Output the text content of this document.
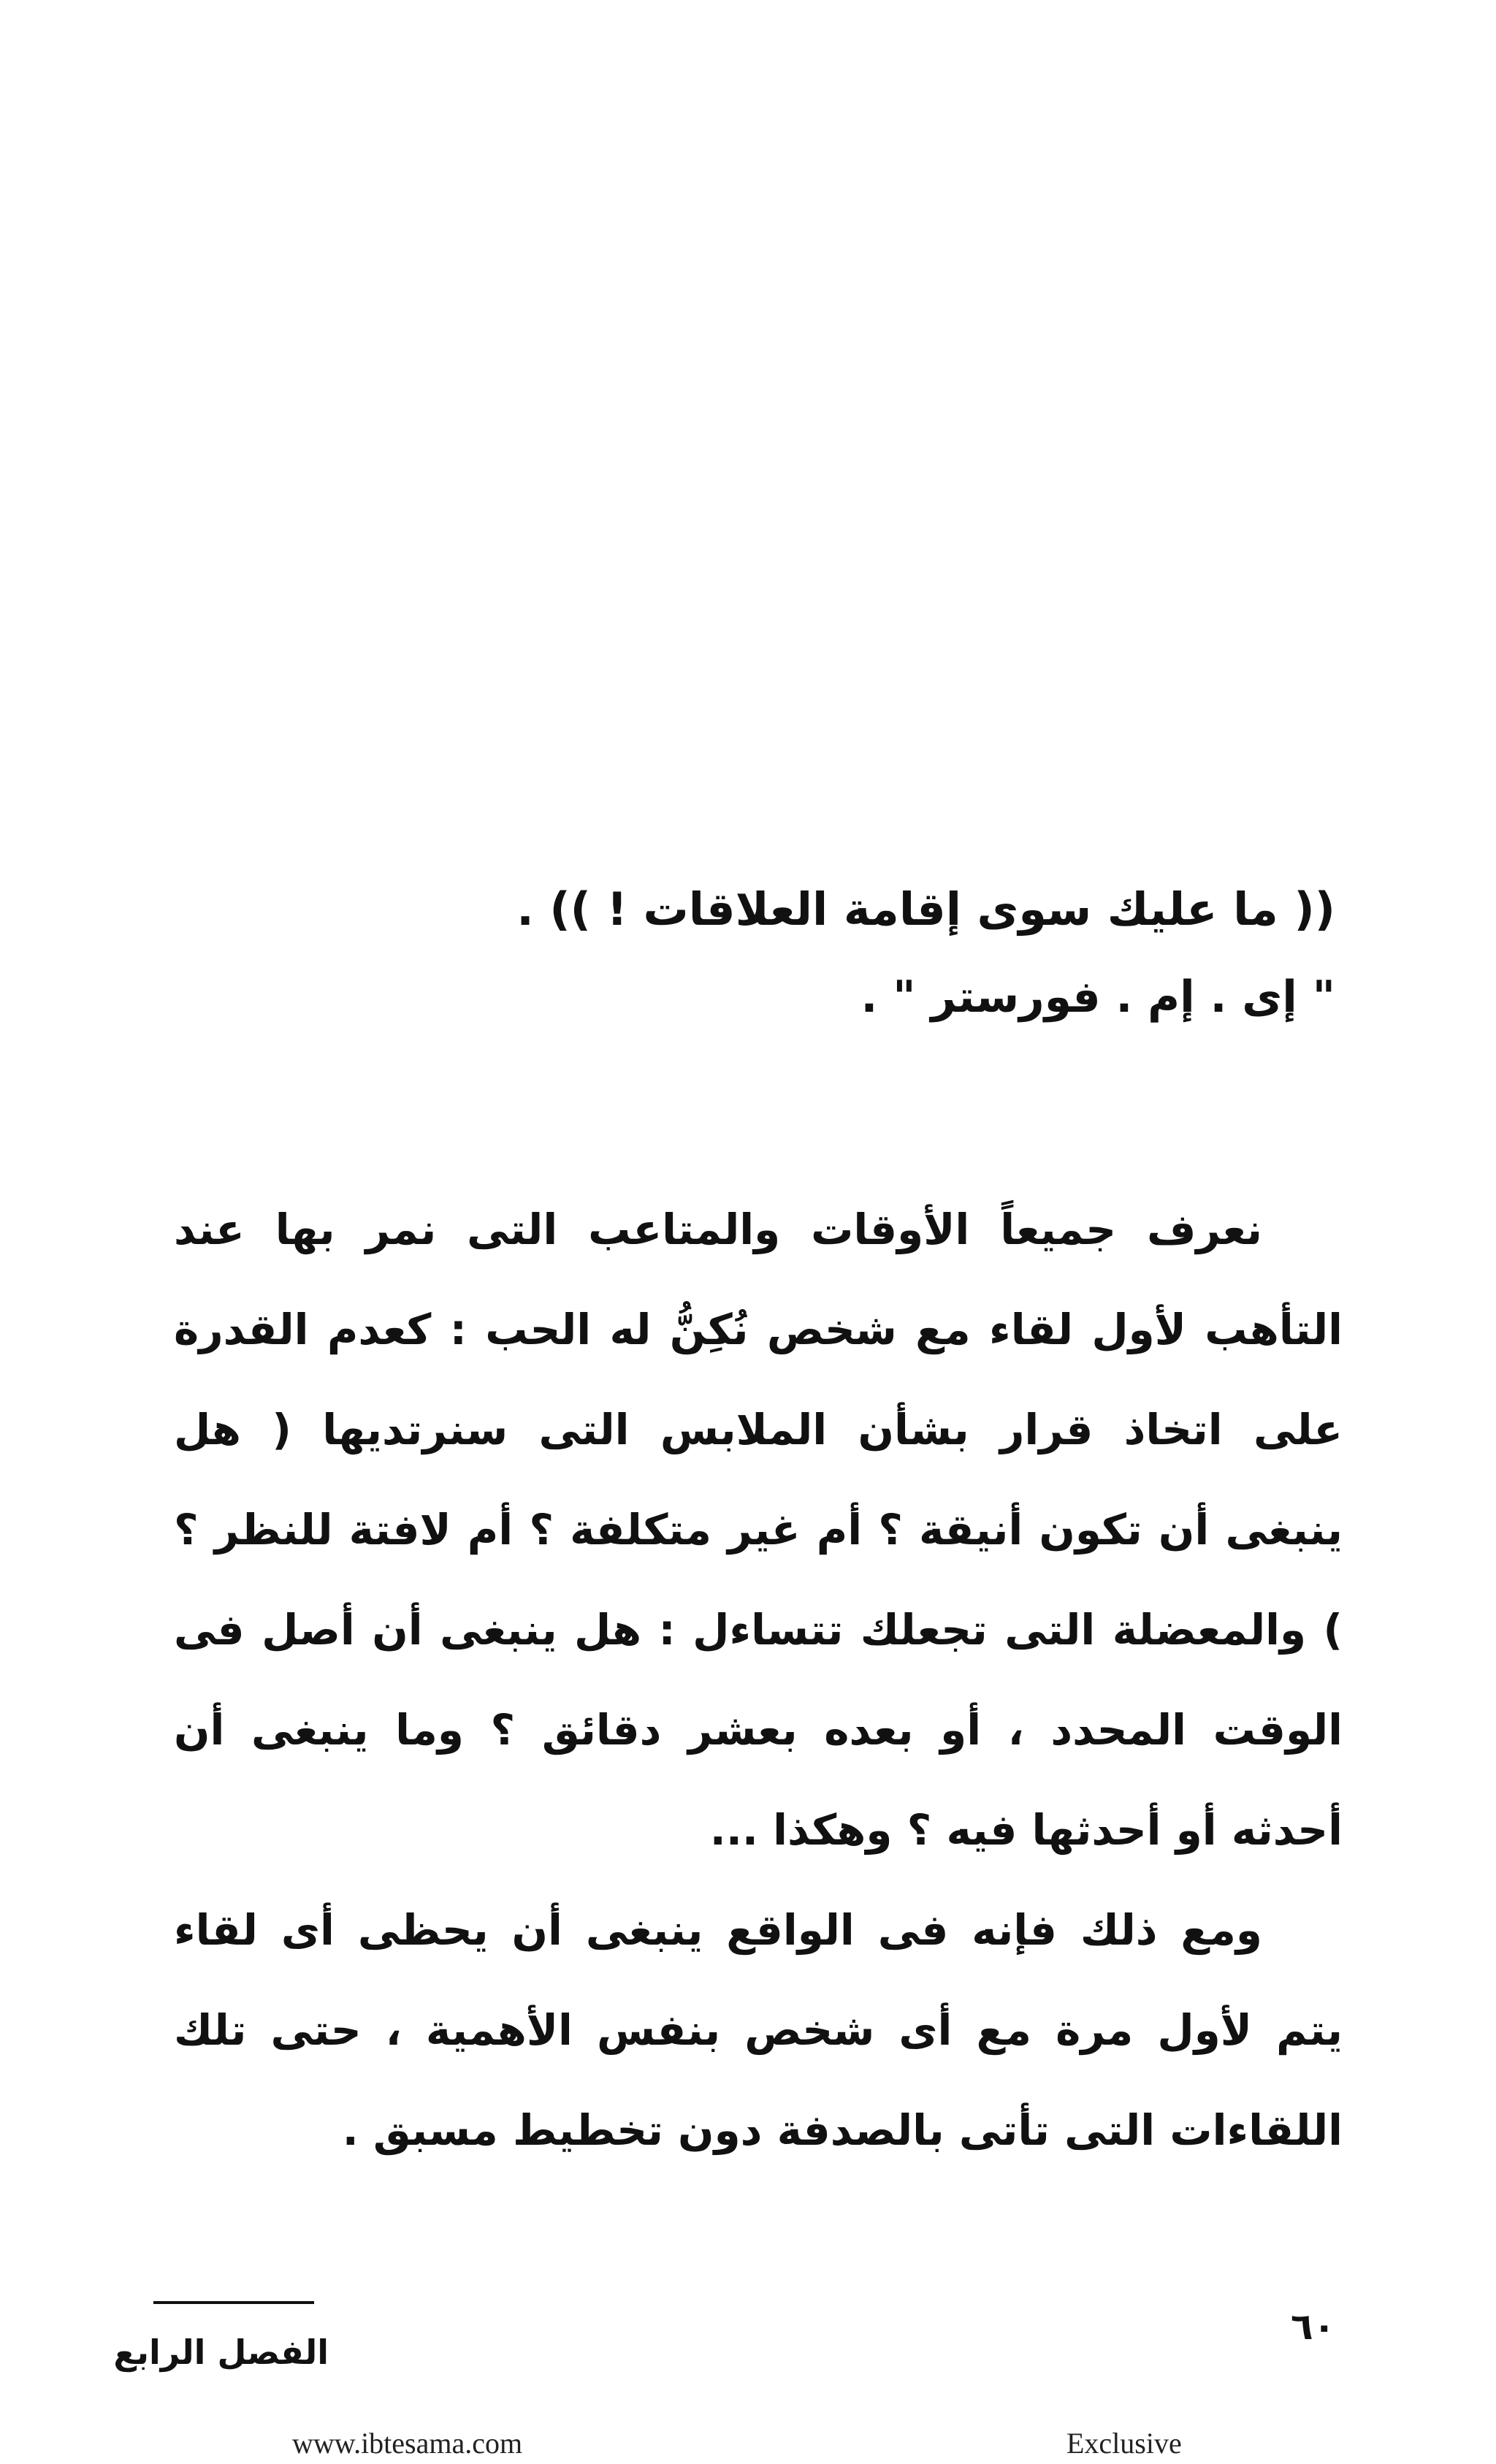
(( ما عليك سوى إقامة العلاقات ! )) .
" إى . إم . فورستر " .

نعرف جميعاً الأوقات والمتاعب التى نمر بها عند التأهب لأول لقاء مع شخص نُكِنُّ له الحب : كعدم القدرة على اتخاذ قرار بشأن الملابس التى سنرتديها ( هل ينبغى أن تكون أنيقة ؟ أم غير متكلفة ؟ أم لافتة للنظر ؟ ) والمعضلة التى تجعلك تتساءل : هل ينبغى أن أصل فى الوقت المحدد ، أو بعده بعشر دقائق ؟ وما ينبغى أن أحدثه أو أحدثها فيه ؟ وهكذا ...

ومع ذلك فإنه فى الواقع ينبغى أن يحظى أى لقاء يتم لأول مرة مع أى شخص بنفس الأهمية ، حتى تلك اللقاءات التى تأتى بالصدفة دون تخطيط مسبق .

الفصل الرابع
٦٠
www.ibtesama.com	Exclusive
